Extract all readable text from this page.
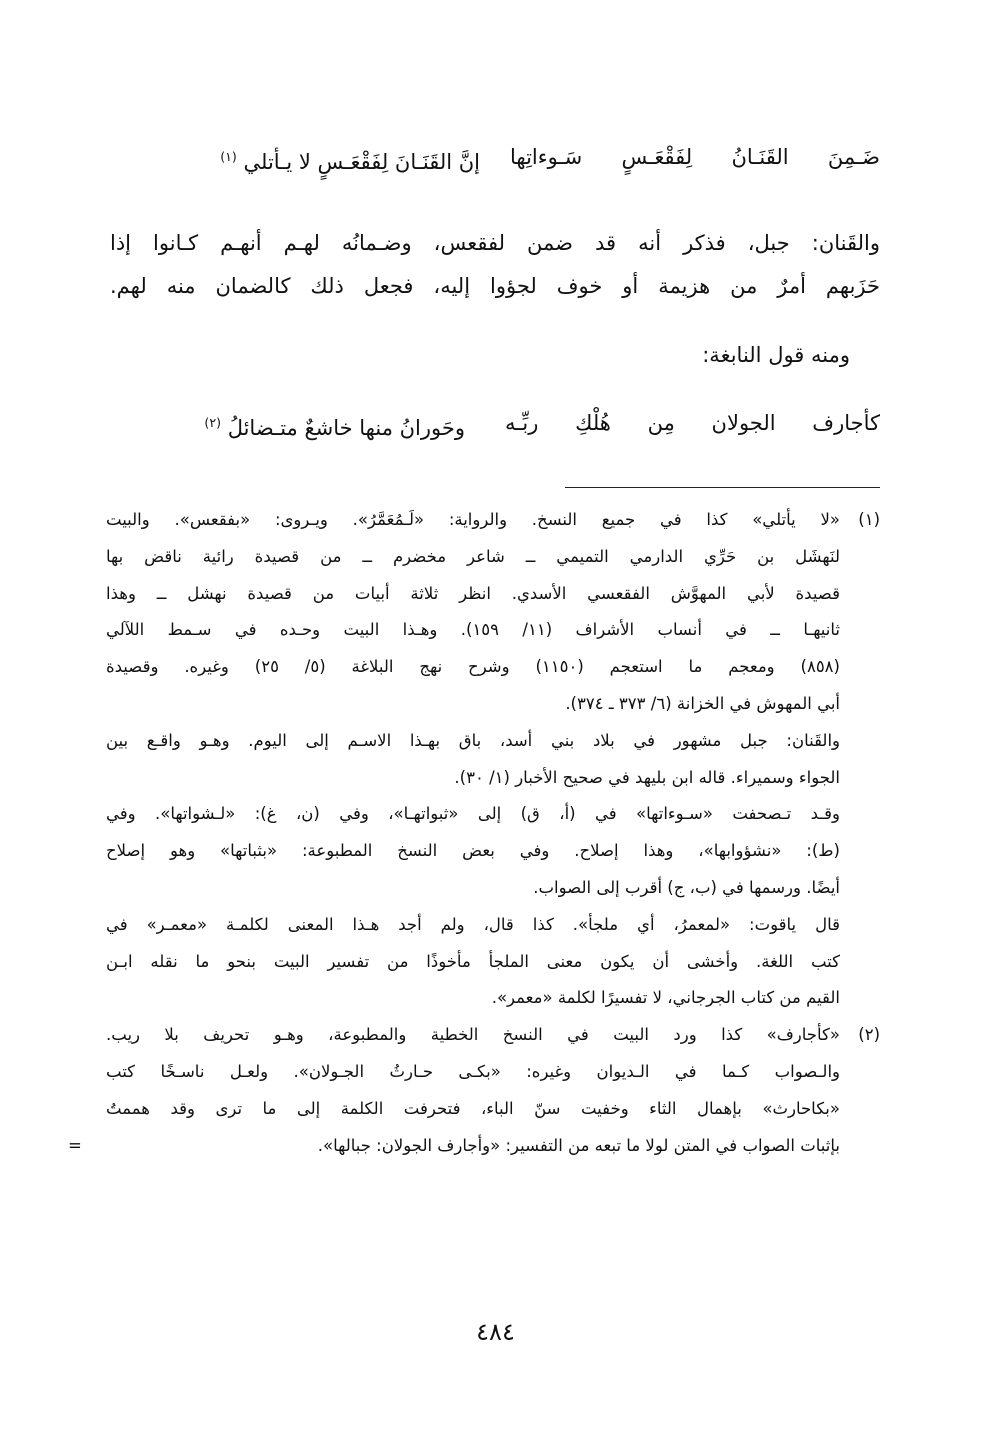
ضَـمِنَ القَنَـانُ لِفَقْعَـسٍ سَـوءاتِها
إنَّ القَنَـانَ لِفَقْعَـسٍ لا يـأتلي $^{(١)}$
والقَنان: جبل، فذكر أنه قد ضمن لفقعس، وضـمانُه لهـم أنهـم كـانوا إذا
حَزَبهم أمرٌ من هزيمة أو خوف لجؤوا إليه، فجعل ذلك كالضمان منه لهم.
ومنه قول النابغة:
كأجارف الجولان مِن هُلْكِ ربِّـه
وحَورانُ منها خاشعٌ متـضائلُ $^{(٢)}$
(١)
«لا يأتلي» كذا في جميع النسخ. والرواية: «لَـمُعَمَّرُ». ويـروى: «بفقعس». والبيت
لنَهشَل بن حَرِّي الدارمي التميمي ــ شاعر مخضرم ــ من قصيدة رائية ناقض بها
قصيدة لأبي المهوَّش الفقعسي الأسدي. انظر ثلاثة أبيات من قصيدة نهشل ــ وهذا
ثانيهـا ــ في أنساب الأشراف (١١/ ١٥٩). وهـذا البيت وحـده في سـمط اللآلي
(٨٥٨) ومعجم ما استعجم (١١٥٠) وشرح نهج البلاغة (٥/ ٢٥) وغيره. وقصيدة
أبي المهوش في الخزانة (٦/ ٣٧٣ ـ ٣٧٤).
والقَنان: جبل مشهور في بلاد بني أسد، باق بهـذا الاسـم إلى اليوم. وهـو واقـع بين
الجواء وسميراء. قاله ابن بليهد في صحيح الأخبار (١/ ٣٠).
وقـد تـصحفت «سـوءاتها» في (أ، ق) إلى «ثبواتهـا»، وفي (ن، غ): «لـشواتها». وفي
(ط): «نشؤوابها»، وهذا إصلاح. وفي بعض النسخ المطبوعة: «بثباتها» وهو إصلاح
أيضًا. ورسمها في (ب، ج) أقرب إلى الصواب.
قال ياقوت: «لمعمرُ، أي ملجأ». كذا قال، ولم أجد هـذا المعنى لكلمـة «معمـر» في
كتب اللغة. وأخشى أن يكون معنى الملجأ مأخوذًا من تفسير البيت بنحو ما نقله ابـن
القيم من كتاب الجرجاني، لا تفسيرًا لكلمة «معمر».
(٢)
«كأجارف» كذا ورد البيت في النسخ الخطية والمطبوعة، وهـو تحريف بلا ريب.
والـصواب كـما في الـديوان وغيره: «بكـى حـارثُ الجـولان». ولعـل ناسـخًا كتب
«بكاحارث» بإهمال الثاء وخفيت سنّ الباء، فتحرفت الكلمة إلى ما ترى وقد هممتُ
بإثبات الصواب في المتن لولا ما تبعه من التفسير: «وأجارف الجولان: جبالها».
=
٤٨٤
